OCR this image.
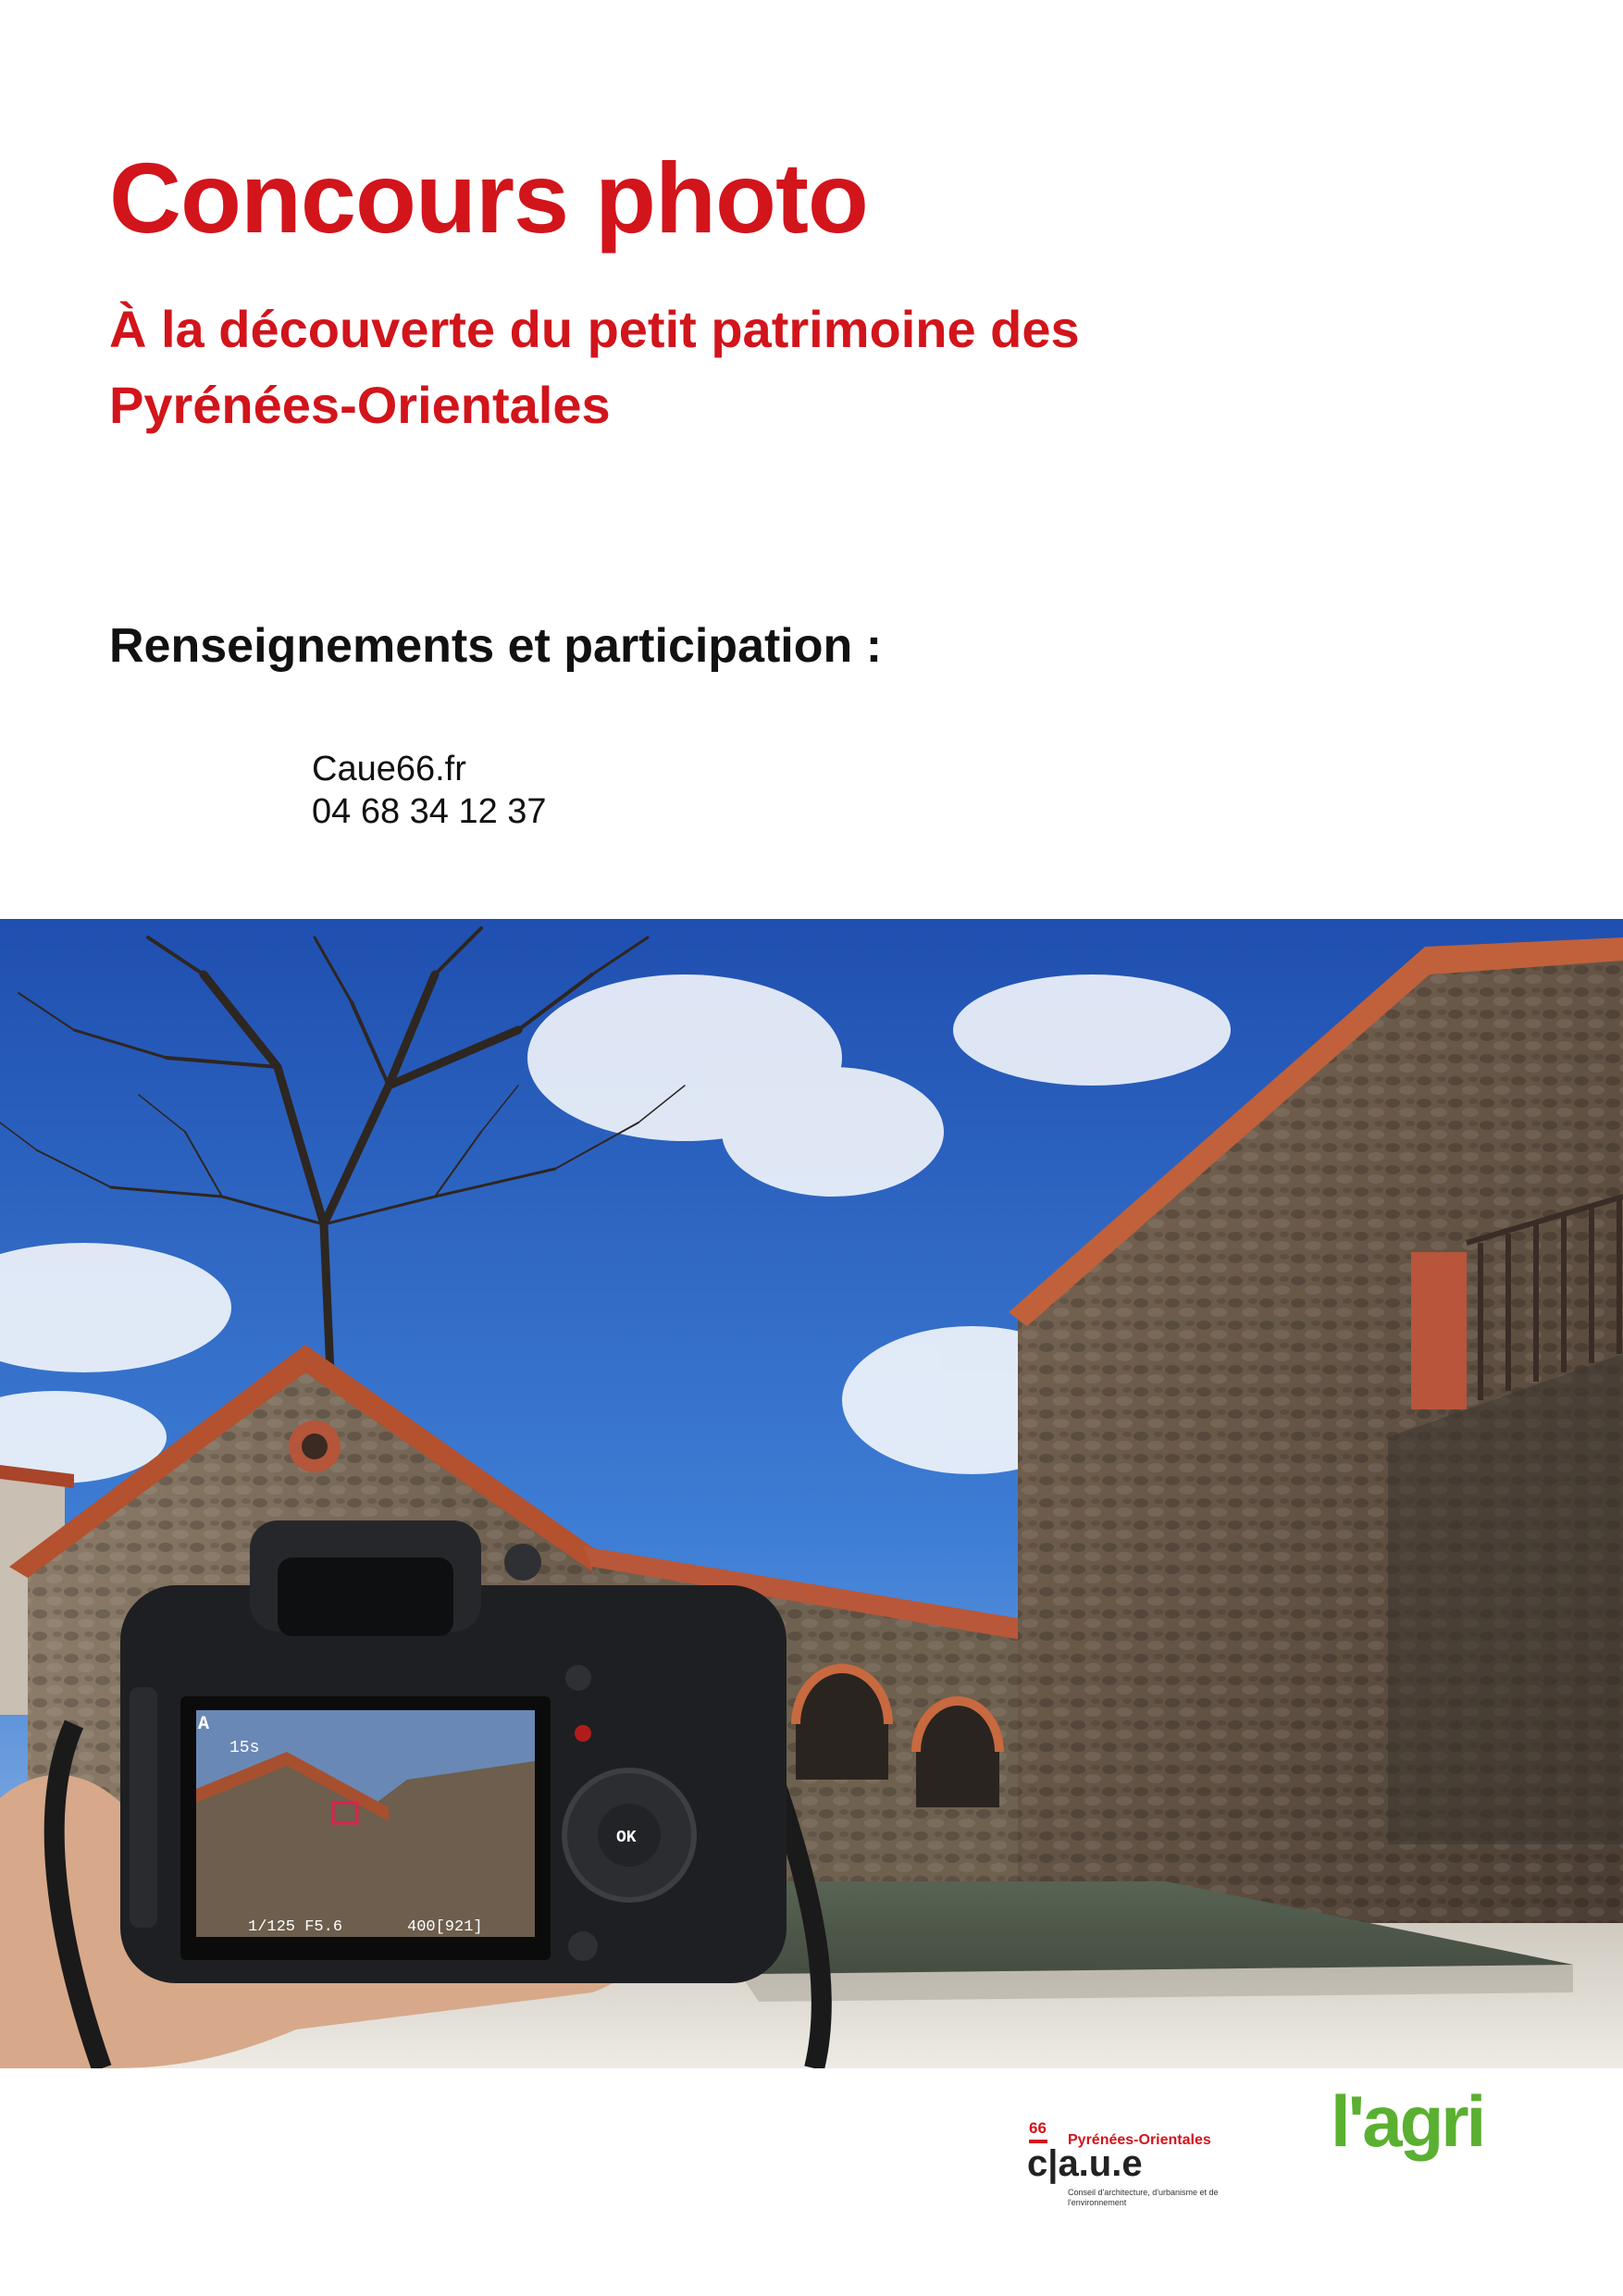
Concours photo
À la découverte du petit patrimoine des
Pyrénées-Orientales
Renseignements et participation :
Caue66.fr
04 68 34 12 37
A
15s
1/125 F5.6	400[921]
OK
66
Pyrénées-Orientales
c|a.u.e
Conseil d'architecture, d'urbanisme et de l'environnement
l'agri
